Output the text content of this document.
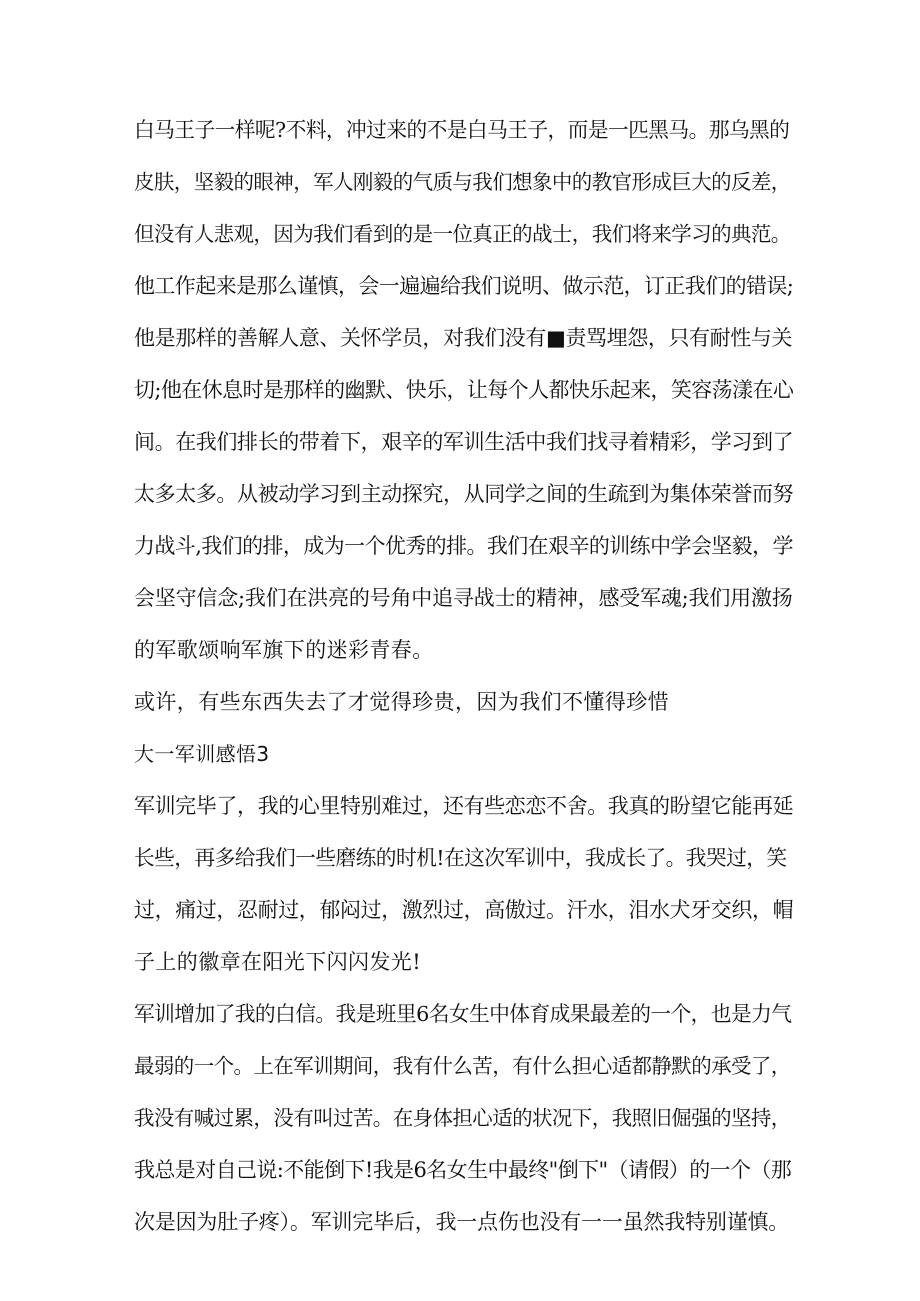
白马王子一样呢?不料，冲过来的不是白马王子，而是一匹黑马。那乌黑的
皮肤，坚毅的眼神，军人刚毅的气质与我们想象中的教官形成巨大的反差，
但没有人悲观，因为我们看到的是一位真正的战士，我们将来学习的典范。
他工作起来是那么谨慎，会一遍遍给我们说明、做示范，订正我们的错误;
他是那样的善解人意、关怀学员，对我们没有■责骂埋怨，只有耐性与关
切;他在休息时是那样的幽默、快乐，让每个人都快乐起来，笑容荡漾在心
间。在我们排长的带着下，艰辛的军训生活中我们找寻着精彩，学习到了
太多太多。从被动学习到主动探究，从同学之间的生疏到为集体荣誉而努
力战斗,我们的排，成为一个优秀的排。我们在艰辛的训练中学会坚毅，学
会坚守信念;我们在洪亮的号角中追寻战士的精神，感受军魂;我们用激扬
的军歌颂响军旗下的迷彩青春。
或许，有些东西失去了才觉得珍贵，因为我们不懂得珍惜
大一军训感悟3
军训完毕了，我的心里特别难过，还有些恋恋不舍。我真的盼望它能再延
长些，再多给我们一些磨练的时机!在这次军训中，我成长了。我哭过，笑
过，痛过，忍耐过，郁闷过，激烈过，高傲过。汗水，泪水犬牙交织，帽
子上的徽章在阳光下闪闪发光!
军训增加了我的白信。我是班里6名女生中体育成果最差的一个，也是力气
最弱的一个。上在军训期间，我有什么苦，有什么担心适都静默的承受了，
我没有喊过累，没有叫过苦。在身体担心适的状况下，我照旧倔强的坚持，
我总是对自己说:不能倒下!我是6名女生中最终"倒下"（请假）的一个（那
次是因为肚子疼）。军训完毕后，我一点伤也没有一一虽然我特别谨慎。
